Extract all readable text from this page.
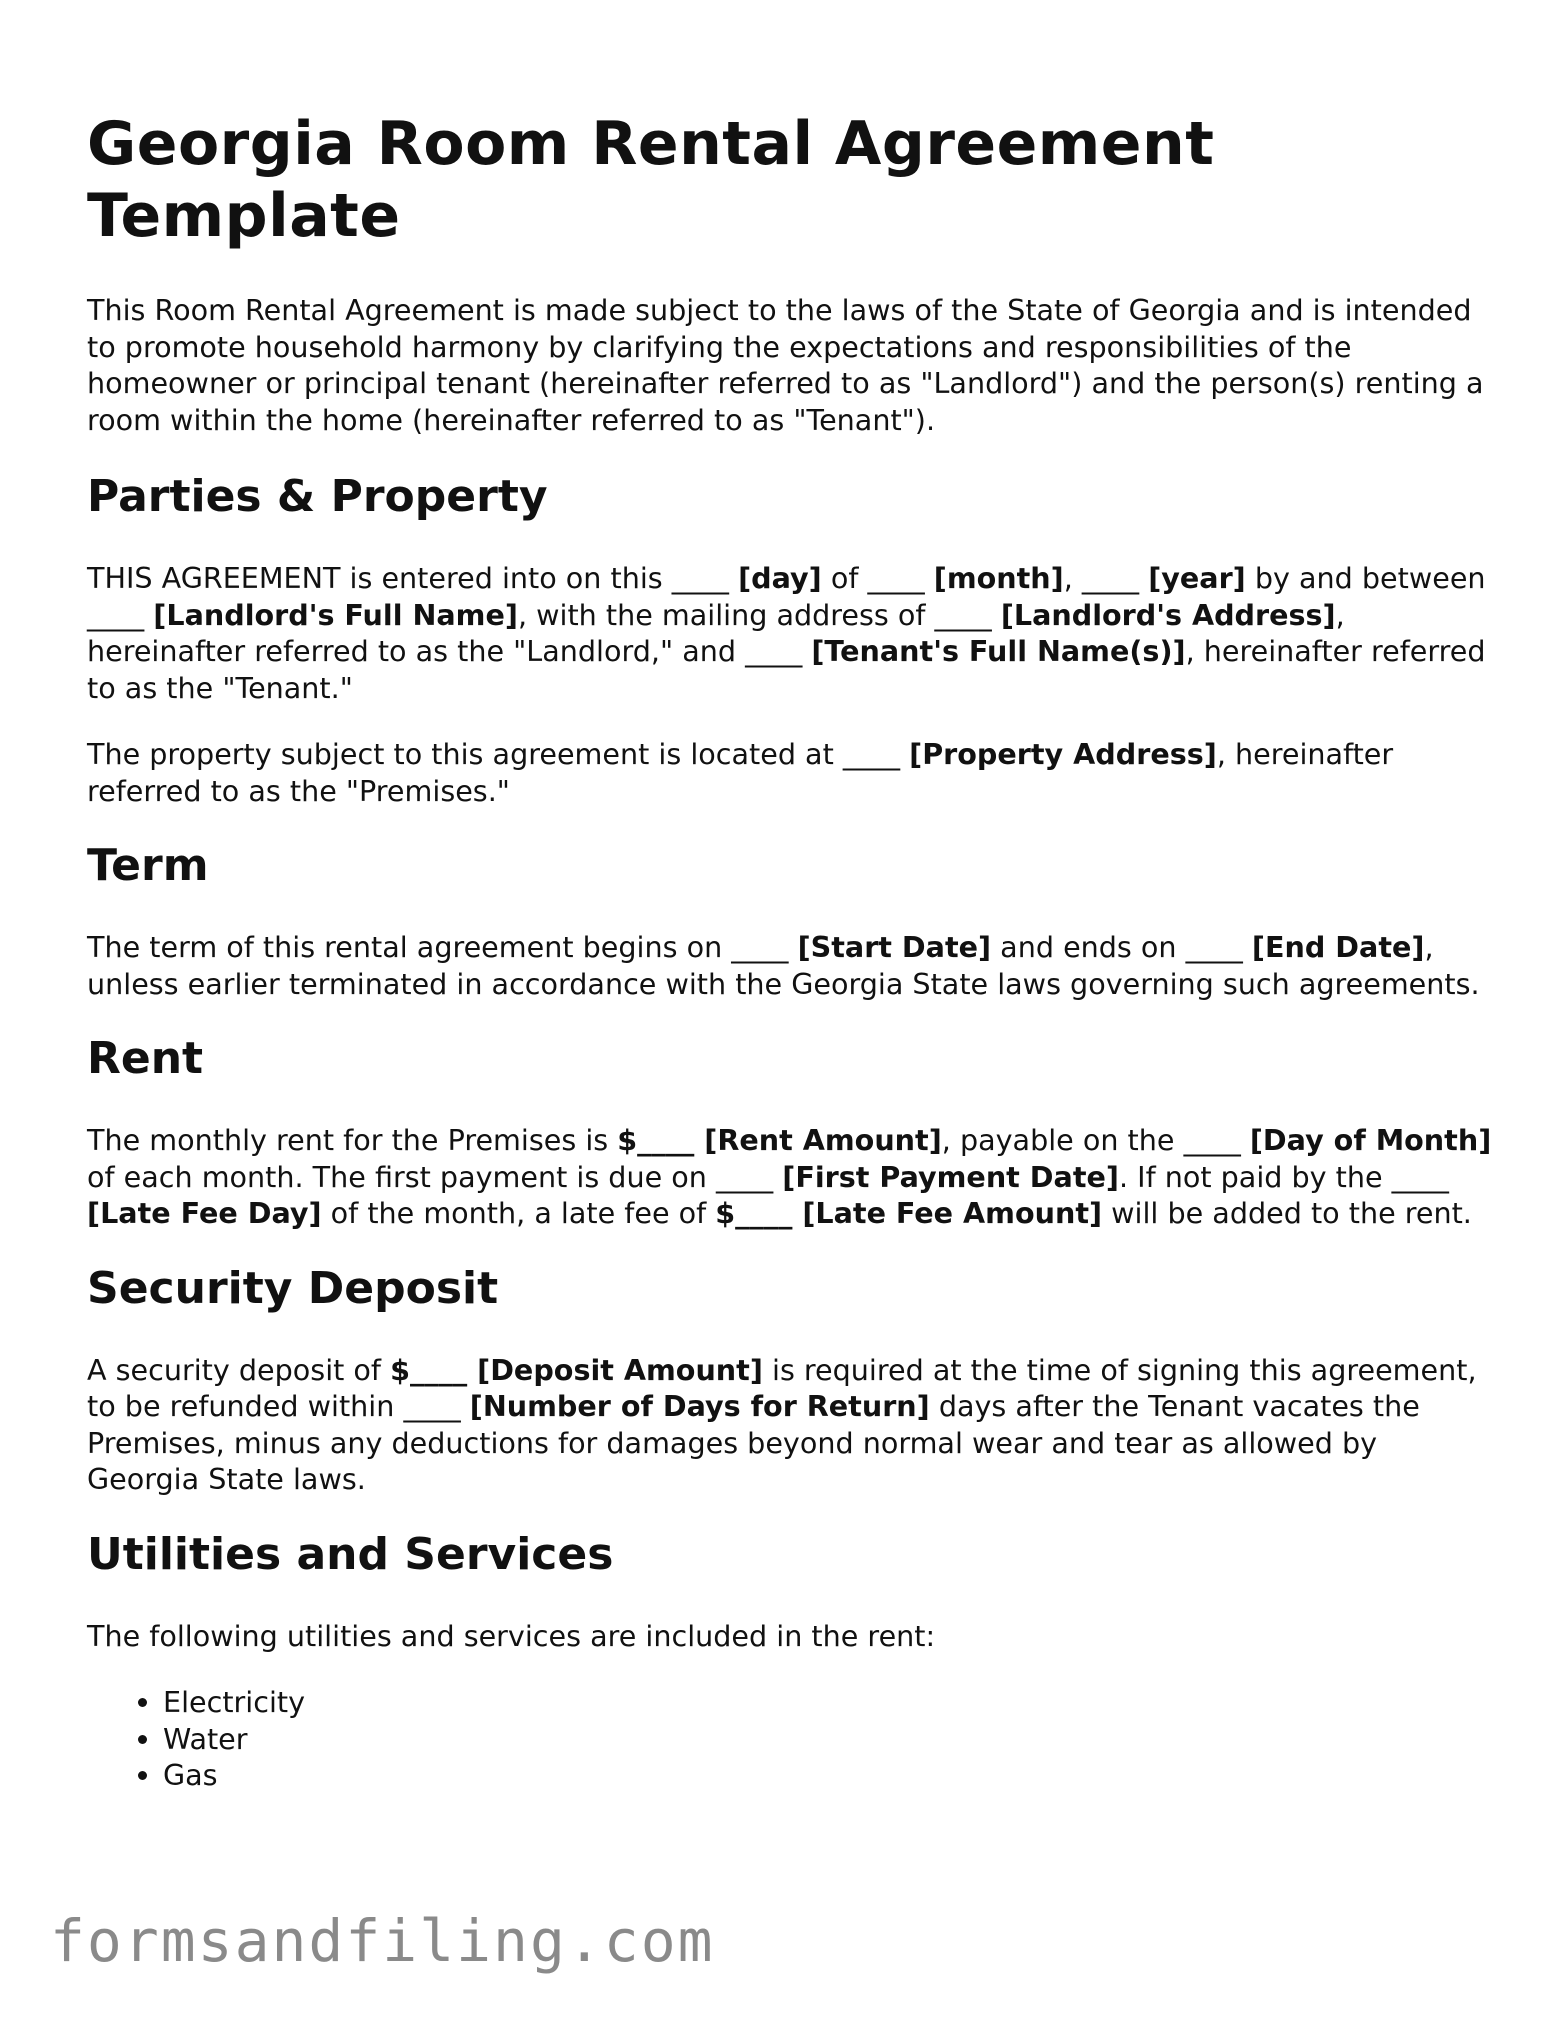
Georgia Room Rental Agreement Template

This Room Rental Agreement is made subject to the laws of the State of Georgia and is intended to promote household harmony by clarifying the expectations and responsibilities of the homeowner or principal tenant (hereinafter referred to as "Landlord") and the person(s) renting a room within the home (hereinafter referred to as "Tenant").

Parties & Property

THIS AGREEMENT is entered into on this ____ [day] of ____ [month], ____ [year] by and between ____ [Landlord's Full Name], with the mailing address of ____ [Landlord's Address], hereinafter referred to as the "Landlord," and ____ [Tenant's Full Name(s)], hereinafter referred to as the "Tenant."

The property subject to this agreement is located at ____ [Property Address], hereinafter referred to as the "Premises."

Term

The term of this rental agreement begins on ____ [Start Date] and ends on ____ [End Date], unless earlier terminated in accordance with the Georgia State laws governing such agreements.

Rent

The monthly rent for the Premises is $____ [Rent Amount], payable on the ____ [Day of Month] of each month. The first payment is due on ____ [First Payment Date]. If not paid by the ____ [Late Fee Day] of the month, a late fee of $____ [Late Fee Amount] will be added to the rent.

Security Deposit

A security deposit of $____ [Deposit Amount] is required at the time of signing this agreement, to be refunded within ____ [Number of Days for Return] days after the Tenant vacates the Premises, minus any deductions for damages beyond normal wear and tear as allowed by Georgia State laws.

Utilities and Services

The following utilities and services are included in the rent:

• Electricity
• Water
• Gas
formsandfiling.com
